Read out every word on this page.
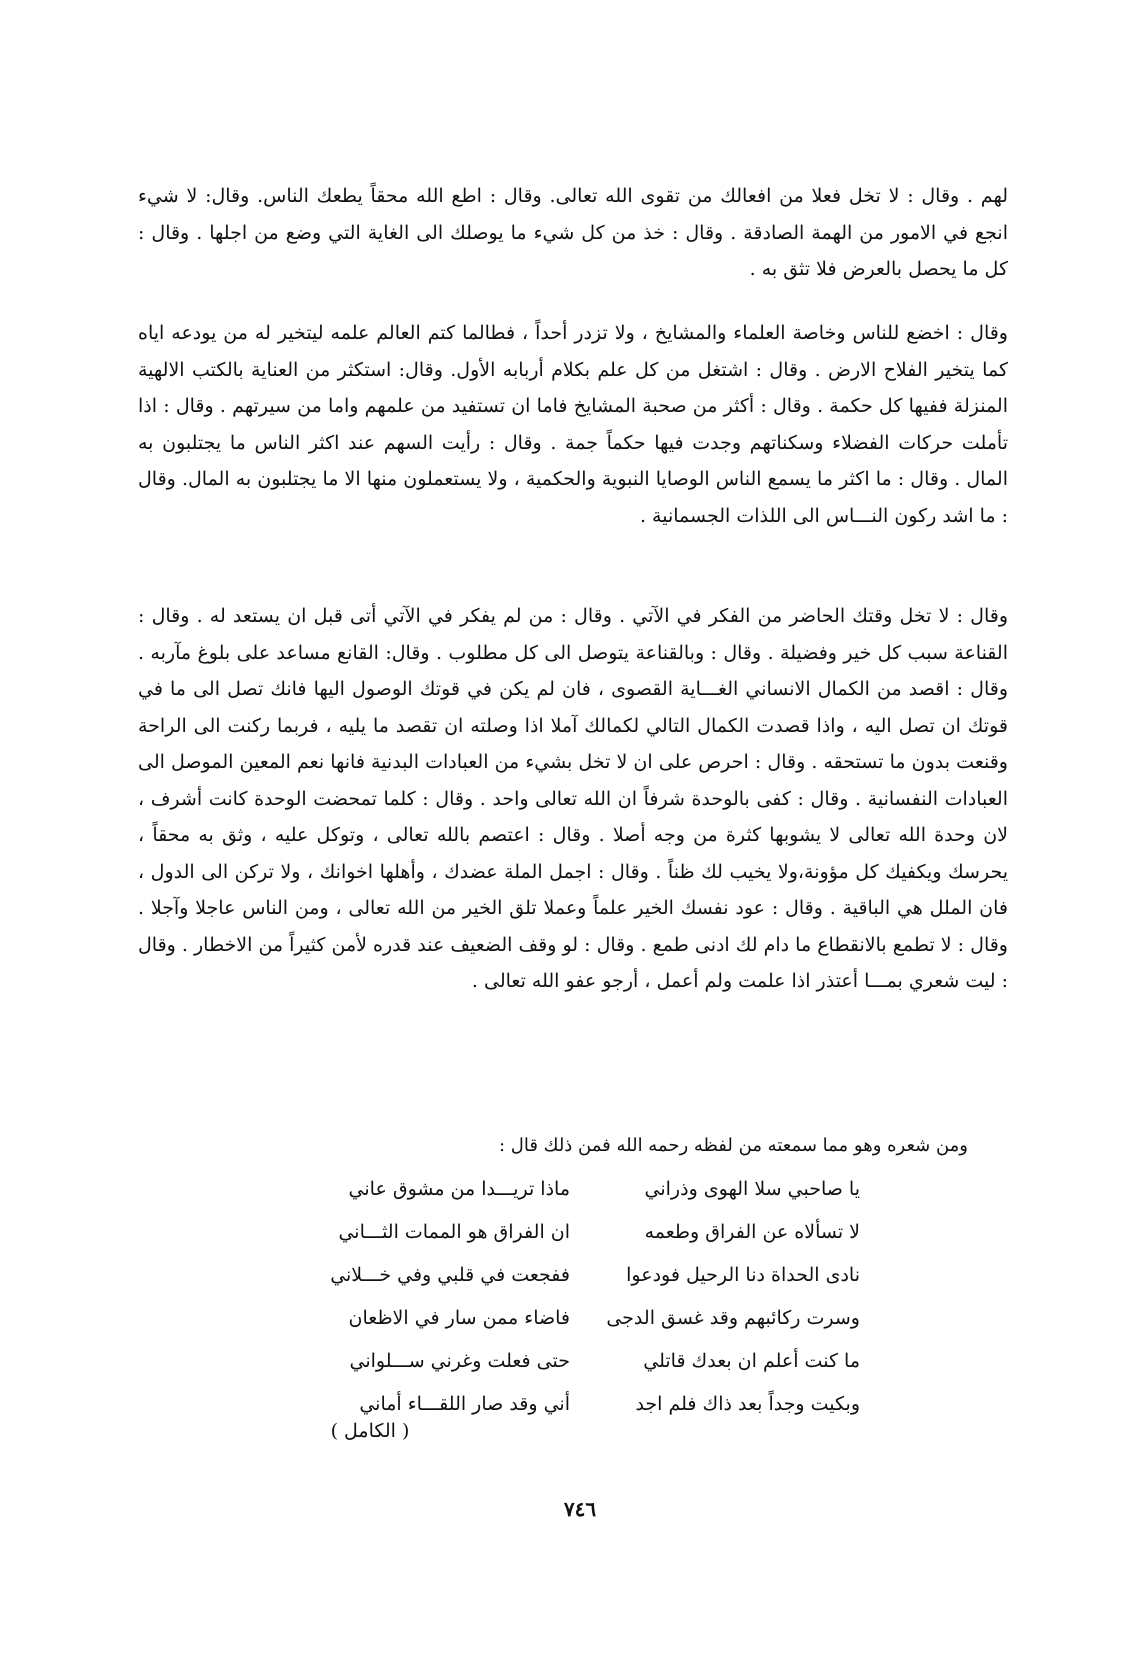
لهم . وقال : لا تخل فعلا من افعالك من تقوى الله تعالى. وقال : اطع الله محقاً يطعك الناس. وقال: لا شيء انجع في الامور من الهمة الصادقة . وقال : خذ من كل شيء ما يوصلك الى الغاية التي وضع من اجلها . وقال : كل ما يحصل بالعرض فلا تثق به .

وقال : اخضع للناس وخاصة العلماء والمشايخ ، ولا تزدر أحداً ، فطالما كتم العالم علمه ليتخير له من يودعه اياه كما يتخير الفلاح الارض . وقال : اشتغل من كل علم بكلام أربابه الأول. وقال: استكثر من العناية بالكتب الالهية المنزلة ففيها كل حكمة . وقال : أكثر من صحبة المشايخ فاما ان تستفيد من علمهم واما من سيرتهم . وقال : اذا تأملت حركات الفضلاء وسكناتهم وجدت فيها حكماً جمة . وقال : رأيت السهم عند اكثر الناس ما يجتلبون به المال . وقال : ما اكثر ما يسمع الناس الوصايا النبوية والحكمية ، ولا يستعملون منها الا ما يجتلبون به المال. وقال : ما اشد ركون النـــاس الى اللذات الجسمانية .

وقال : لا تخل وقتك الحاضر من الفكر في الآتي . وقال : من لم يفكر في الآتي أتى قبل ان يستعد له . وقال : القناعة سبب كل خير وفضيلة . وقال : وبالقناعة يتوصل الى كل مطلوب . وقال: القانع مساعد على بلوغ مآربه . وقال : اقصد من الكمال الانساني الغـــاية القصوى ، فان لم يكن في قوتك الوصول اليها فانك تصل الى ما في قوتك ان تصل اليه ، واذا قصدت الكمال التالي لكمالك آملا اذا وصلته ان تقصد ما يليه ، فربما ركنت الى الراحة وقنعت بدون ما تستحقه . وقال : احرص على ان لا تخل بشيء من العبادات البدنية فانها نعم المعين الموصل الى العبادات النفسانية . وقال : كفى بالوحدة شرفاً ان الله تعالى واحد . وقال : كلما تمحضت الوحدة كانت أشرف ، لان وحدة الله تعالى لا يشوبها كثرة من وجه أصلا . وقال : اعتصم بالله تعالى ، وتوكل عليه ، وثق به محقاً ، يحرسك ويكفيك كل مؤونة،ولا يخيب لك ظناً . وقال : اجمل الملة عضدك ، وأهلها اخوانك ، ولا تركن الى الدول ، فان الملل هي الباقية . وقال : عود نفسك الخير علماً وعملا تلق الخير من الله تعالى ، ومن الناس عاجلا وآجلا . وقال : لا تطمع بالانقطاع ما دام لك ادنى طمع . وقال : لو وقف الضعيف عند قدره لأمن كثيراً من الاخطار . وقال : ليت شعري بمـــا أعتذر اذا علمت ولم أعمل ، أرجو عفو الله تعالى .

ومن شعره وهو مما سمعته من لفظه رحمه الله فمن ذلك قال :

يا صاحبي سلا الهوى وذراني
ماذا تريـــدا من مشوق عاني
لا تسألاه عن الفراق وطعمه
ان الفراق هو الممات الثـــاني
نادى الحداة دنا الرحيل فودعوا
ففجعت في قلبي وفي خـــلاني
وسرت ركائبهم وقد غسق الدجى
فاضاء ممن سار في الاظعان
ما كنت أعلم ان بعدك قاتلي
حتى فعلت وغرني ســـلواني
وبكيت وجداً بعد ذاك فلم اجد
أني وقد صار اللقـــاء أماني
( الكامل )
٧٤٦
